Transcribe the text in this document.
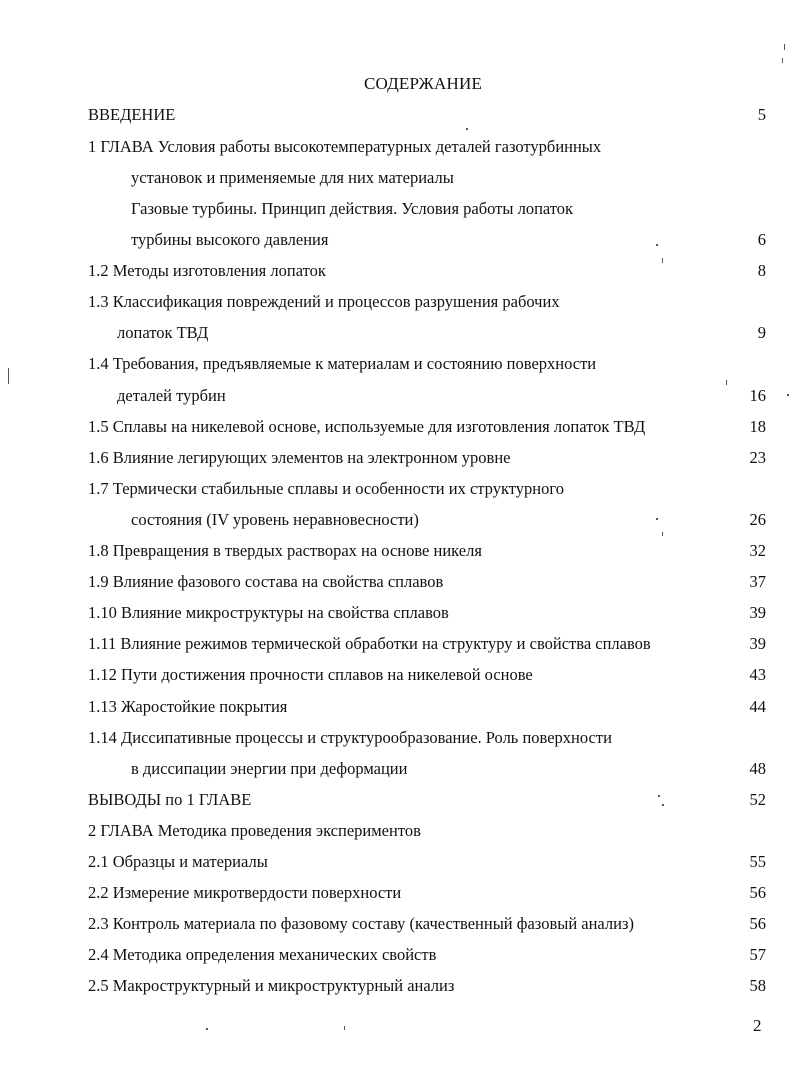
СОДЕРЖАНИЕ
ВВЕДЕНИЕ	5
1 ГЛАВА Условия работы высокотемпературных деталей газотурбинных
установок и применяемые для них материалы
Газовые турбины. Принцип действия. Условия работы лопаток
турбины высокого давления	6
1.2 Методы изготовления лопаток	8
1.3 Классификация повреждений и процессов разрушения рабочих
лопаток ТВД	9
1.4 Требования, предъявляемые к материалам и состоянию поверхности
деталей турбин	16
1.5 Сплавы на никелевой основе, используемые для изготовления лопаток ТВД	18
1.6 Влияние легирующих элементов на электронном уровне	23
1.7 Термически стабильные сплавы и особенности их структурного
состояния (IV уровень неравновесности)	26
1.8 Превращения в твердых растворах на основе никеля	32
1.9 Влияние фазового состава на свойства сплавов	37
1.10 Влияние микроструктуры на свойства сплавов	39
1.11 Влияние режимов термической обработки на структуру и свойства сплавов	39
1.12 Пути достижения прочности сплавов на никелевой основе	43
1.13 Жаростойкие покрытия	44
1.14 Диссипативные процессы и структурообразование. Роль поверхности
в диссипации энергии при деформации	48
ВЫВОДЫ по 1 ГЛАВЕ	52
2 ГЛАВА Методика проведения экспериментов
2.1 Образцы и материалы	55
2.2 Измерение микротвердости поверхности	56
2.3 Контроль материала по фазовому составу (качественный фазовый анализ)	56
2.4 Методика определения механических свойств	57
2.5 Макроструктурный и микроструктурный анализ	58
2
